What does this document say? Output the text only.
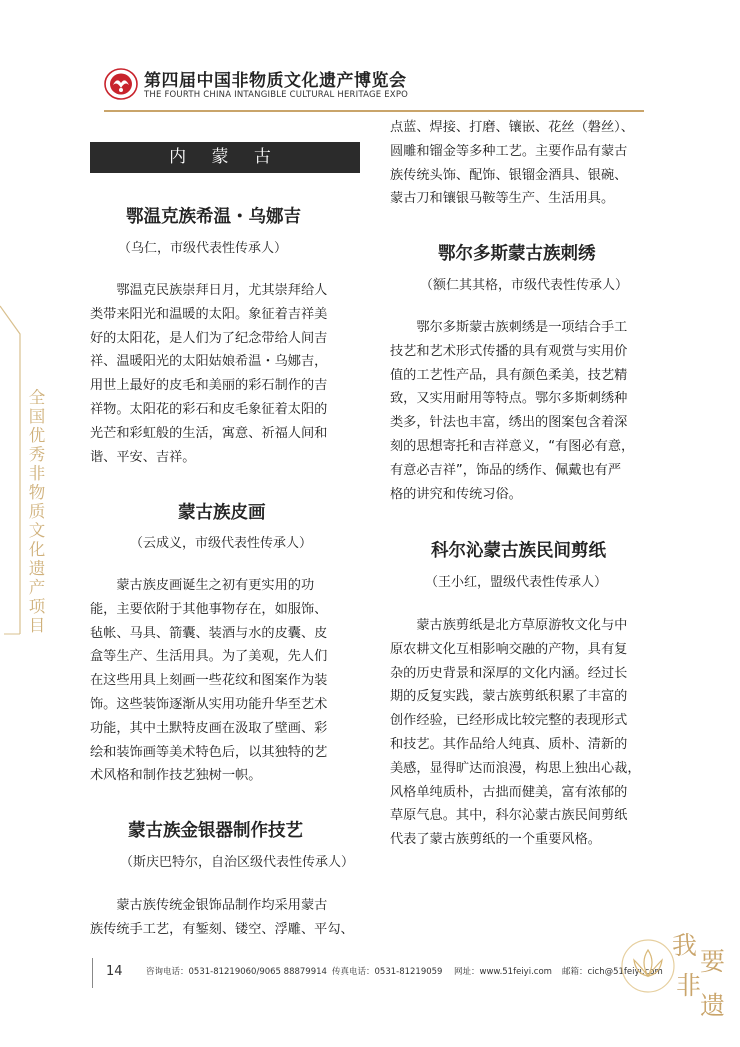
第四届中国非物质文化遗产博览会
THE FOURTH CHINA INTANGIBLE CULTURAL HERITAGE EXPO
全
国
优
秀
非
物
质
文
化
遗
产
项
目
内 蒙 古
鄂温克族希温・乌娜吉
（乌仁，市级代表性传承人）

　　鄂温克民族崇拜日月，尤其崇拜给人

类带来阳光和温暖的太阳。象征着吉祥美

好的太阳花，是人们为了纪念带给人间吉

祥、温暖阳光的太阳姑娘希温・乌娜吉，

用世上最好的皮毛和美丽的彩石制作的吉

祥物。太阳花的彩石和皮毛象征着太阳的

光芒和彩虹般的生活，寓意、祈福人间和

谐、平安、吉祥。

蒙古族皮画
（云成义，市级代表性传承人）

　　蒙古族皮画诞生之初有更实用的功

能，主要依附于其他事物存在，如服饰、

毡帐、马具、箭囊、装酒与水的皮囊、皮

盒等生产、生活用具。为了美观，先人们

在这些用具上刻画一些花纹和图案作为装

饰。这些装饰逐渐从实用功能升华至艺术

功能，其中土默特皮画在汲取了壁画、彩

绘和装饰画等美术特色后，以其独特的艺

术风格和制作技艺独树一帜。

蒙古族金银器制作技艺
（斯庆巴特尔，自治区级代表性传承人）

　　蒙古族传统金银饰品制作均采用蒙古

族传统手工艺，有錾刻、镂空、浮雕、平勾、

点蓝、焊接、打磨、镶嵌、花丝（磐丝）、

圆雕和镏金等多种工艺。主要作品有蒙古

族传统头饰、配饰、银镏金酒具、银碗、

蒙古刀和镶银马鞍等生产、生活用具。

鄂尔多斯蒙古族刺绣
（额仁其其格，市级代表性传承人）

　　鄂尔多斯蒙古族刺绣是一项结合手工

技艺和艺术形式传播的具有观赏与实用价

值的工艺性产品，具有颜色柔美，技艺精

致，又实用耐用等特点。鄂尔多斯刺绣种

类多，针法也丰富，绣出的图案包含着深

刻的思想寄托和吉祥意义，“有图必有意，

有意必吉祥”，饰品的绣作、佩戴也有严

格的讲究和传统习俗。

科尔沁蒙古族民间剪纸
（王小红，盟级代表性传承人）

　　蒙古族剪纸是北方草原游牧文化与中

原农耕文化互相影响交融的产物，具有复

杂的历史背景和深厚的文化内涵。经过长

期的反复实践，蒙古族剪纸积累了丰富的

创作经验，已经形成比较完整的表现形式

和技艺。其作品给人纯真、质朴、清新的

美感，显得旷达而浪漫，构思上独出心裁，

风格单纯质朴，古拙而健美，富有浓郁的

草原气息。其中，科尔沁蒙古族民间剪纸

代表了蒙古族剪纸的一个重要风格。

14	咨询电话：0531-81219060/9065 88879914 传真电话：0531-81219059 网址：www.51feiyi.com 邮箱：cich@51feiyi.com
我
要
非
遗
